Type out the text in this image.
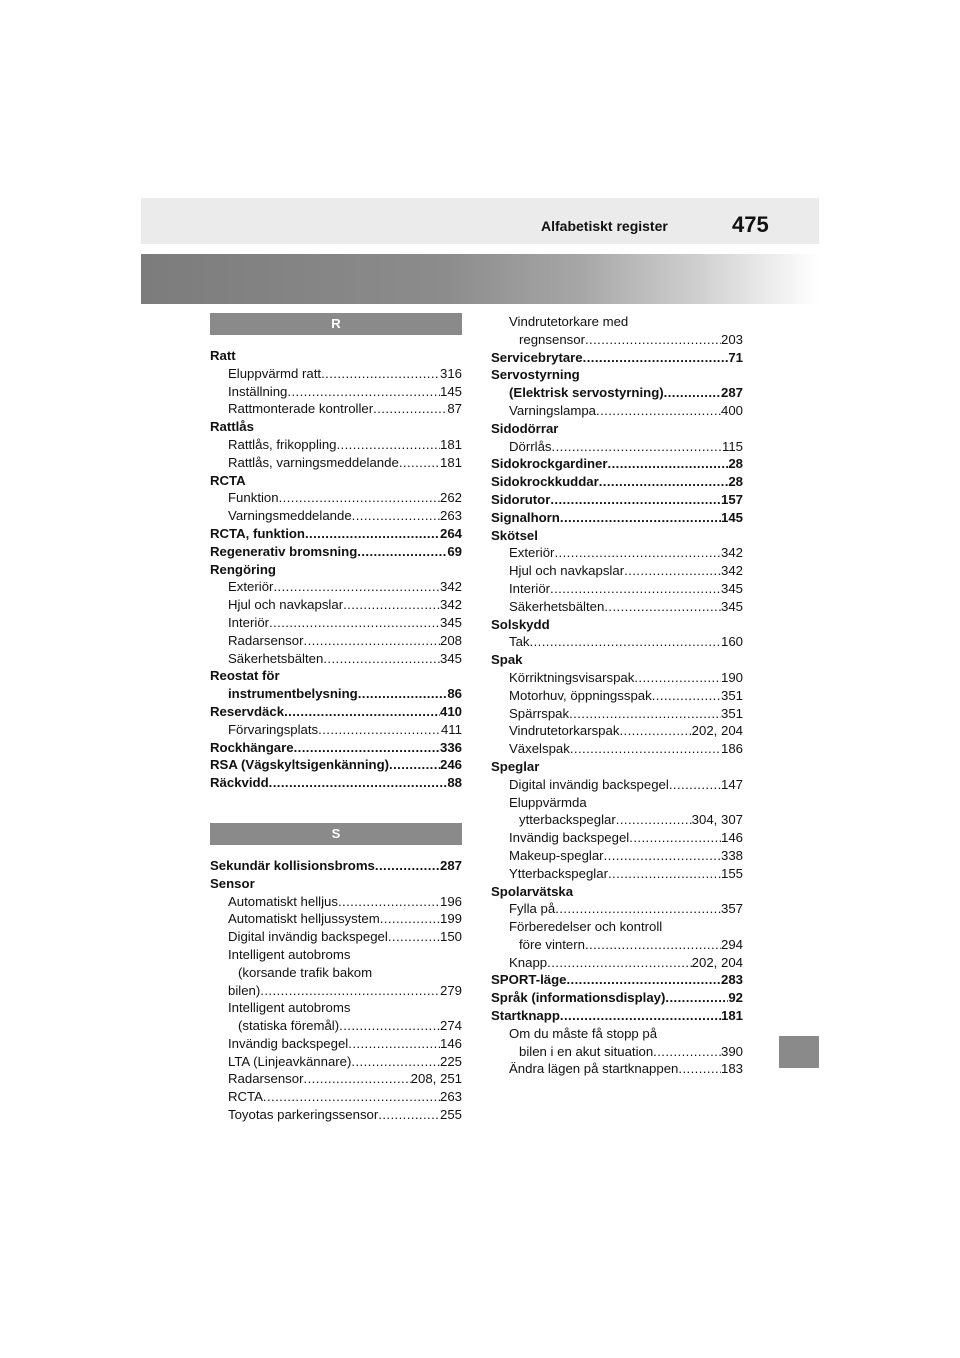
Alfabetiskt register	475
R
Ratt
Eluppvärmd ratt .....	316
Inställning .....	145
Rattmonterade kontroller .....	87
Rattlås
Rattlås, frikoppling .....	181
Rattlås, varningsmeddelande .....	181
RCTA
Funktion .....	262
Varningsmeddelande .....	263
RCTA, funktion .....	264
Regenerativ bromsning .....	69
Rengöring
Exteriör .....	342
Hjul och navkapslar .....	342
Interiör .....	345
Radarsensor .....	208
Säkerhetsbälten .....	345
Reostat för
instrumentbelysning .....	86
Reservdäck .....	410
Förvaringsplats .....	411
Rockhängare .....	336
RSA (Vägskyltsigenkänning) .....	246
Räckvidd .....	88
S
Sekundär kollisionsbroms .....	287
Sensor
Automatiskt helljus .....	196
Automatiskt helljussystem .....	199
Digital invändig backspegel .....	150
Intelligent autobroms
(korsande trafik bakom
bilen) .....	279
Intelligent autobroms
(statiska föremål) .....	274
Invändig backspegel .....	146
LTA (Linjeavkännare) .....	225
Radarsensor .....	208, 251
RCTA .....	263
Toyotas parkeringssensor .....	255
Vindrutetorkare med
regnsensor .....	203
Servicebrytare .....	71
Servostyrning
(Elektrisk servostyrning) .....	287
Varningslampa .....	400
Sidodörrar
Dörrlås .....	115
Sidokrockgardiner .....	28
Sidokrockkuddar .....	28
Sidorutor .....	157
Signalhorn .....	145
Skötsel
Exteriör .....	342
Hjul och navkapslar .....	342
Interiör .....	345
Säkerhetsbälten .....	345
Solskydd
Tak .....	160
Spak
Körriktningsvisarspak .....	190
Motorhuv, öppningsspak .....	351
Spärrspak .....	351
Vindrutetorkarspak .....	202, 204
Växelspak .....	186
Speglar
Digital invändig backspegel .....	147
Eluppvärmda
ytterbackspeglar .....	304, 307
Invändig backspegel .....	146
Makeup-speglar .....	338
Ytterbackspeglar .....	155
Spolarvätska
Fylla på .....	357
Förberedelser och kontroll
före vintern .....	294
Knapp .....	202, 204
SPORT-läge .....	283
Språk (informationsdisplay) .....	92
Startknapp .....	181
Om du måste få stopp på
bilen i en akut situation .....	390
Ändra lägen på startknappen .....	183
